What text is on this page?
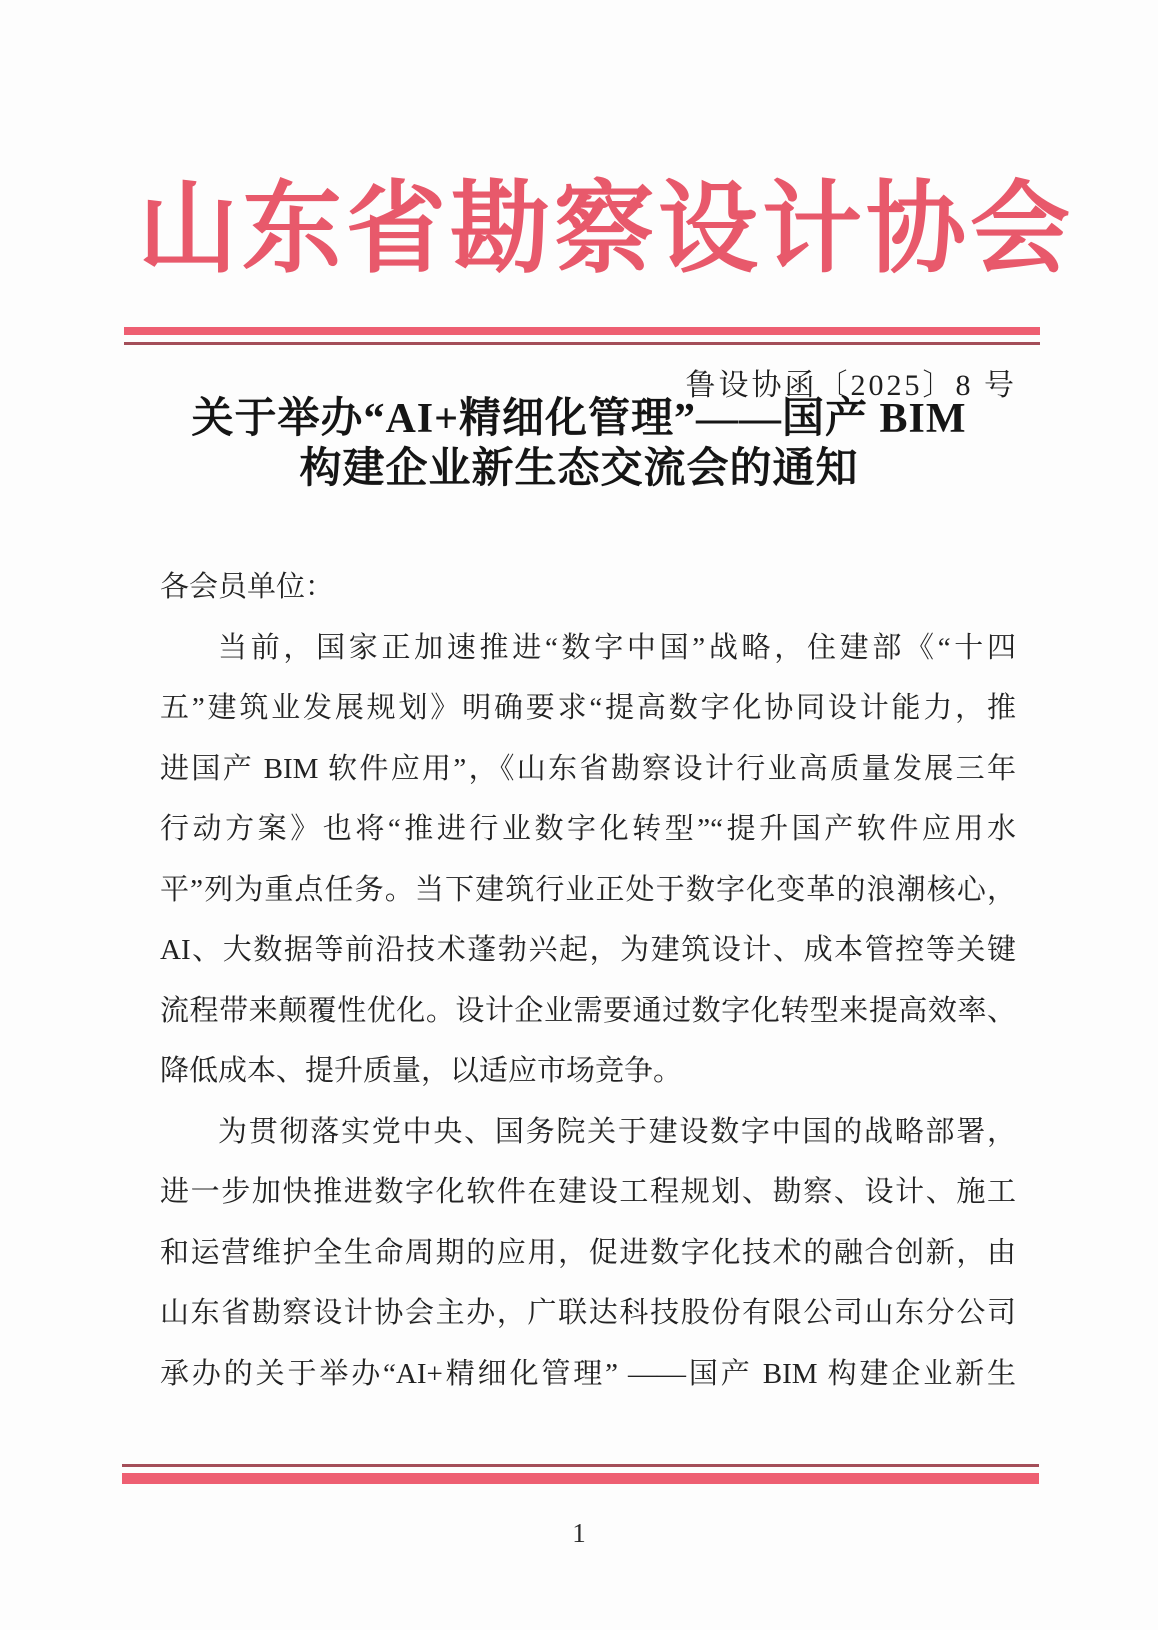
山东省勘察设计协会
鲁设协函〔2025〕8 号
关于举办“AI+精细化管理”——国产 BIM
构建企业新生态交流会的通知
各会员单位：
当前，国家正加速推进“数字中国”战略，住建部《“十四
五”建筑业发展规划》明确要求“提高数字化协同设计能力，推
进国产 BIM 软件应用”，《山东省勘察设计行业高质量发展三年
行动方案》也将“推进行业数字化转型”“提升国产软件应用水
平”列为重点任务。当下建筑行业正处于数字化变革的浪潮核心，
AI、大数据等前沿技术蓬勃兴起，为建筑设计、成本管控等关键
流程带来颠覆性优化。设计企业需要通过数字化转型来提高效率、
降低成本、提升质量，以适应市场竞争。
为贯彻落实党中央、国务院关于建设数字中国的战略部署，
进一步加快推进数字化软件在建设工程规划、勘察、设计、施工
和运营维护全生命周期的应用，促进数字化技术的融合创新，由
山东省勘察设计协会主办，广联达科技股份有限公司山东分公司
承办的关于举办“AI+精细化管理” ——国产 BIM 构建企业新生
1
